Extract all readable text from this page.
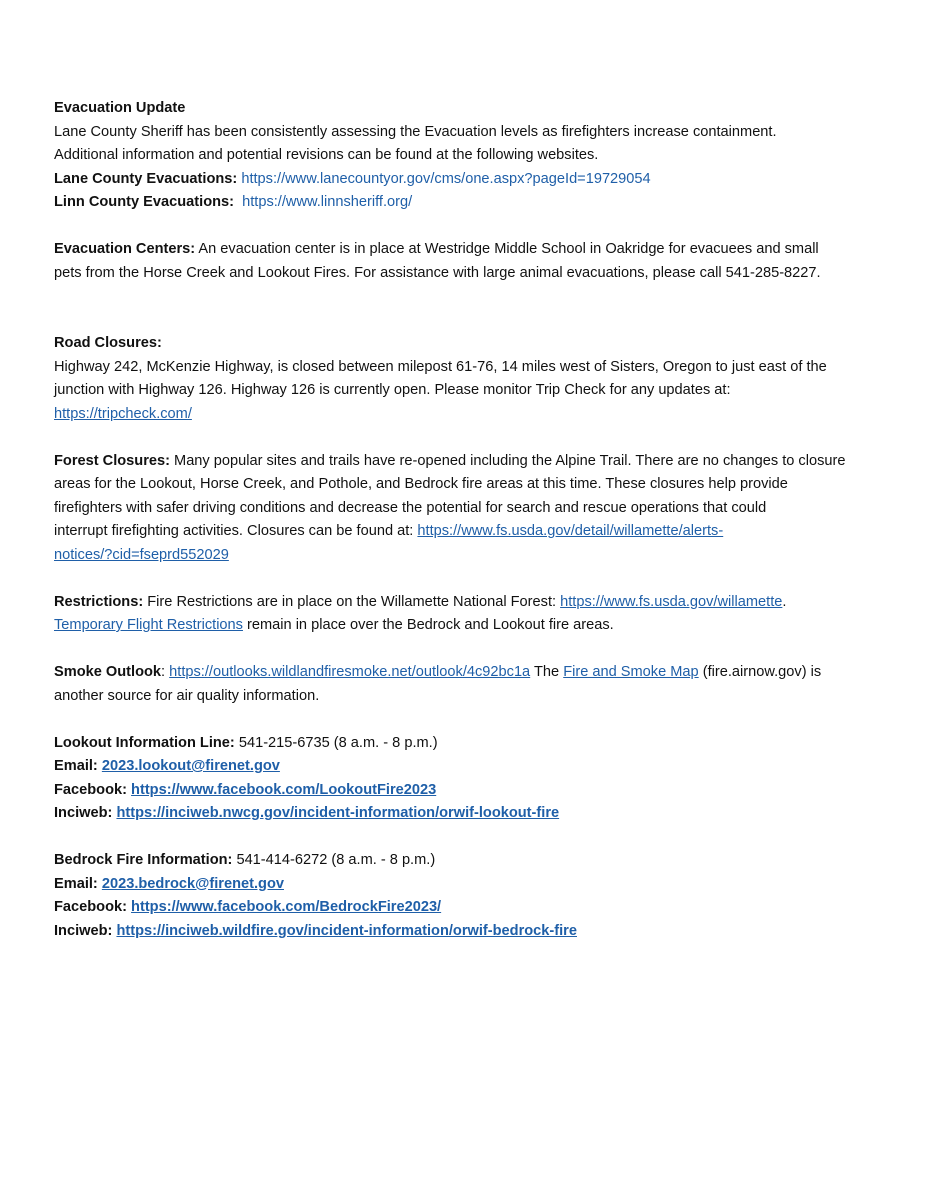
Evacuation Update
Lane County Sheriff has been consistently assessing the Evacuation levels as firefighters increase containment.
Additional information and potential revisions can be found at the following websites.
Lane County Evacuations: https://www.lanecountyor.gov/cms/one.aspx?pageId=19729054
Linn County Evacuations: https://www.linnsheriff.org/
Evacuation Centers: An evacuation center is in place at Westridge Middle School in Oakridge for evacuees and small
pets from the Horse Creek and Lookout Fires. For assistance with large animal evacuations, please call 541-285-8227.
Road Closures:
Highway 242, McKenzie Highway, is closed between milepost 61-76, 14 miles west of Sisters, Oregon to just east of the
junction with Highway 126. Highway 126 is currently open. Please monitor Trip Check for any updates at:
https://tripcheck.com/
Forest Closures: Many popular sites and trails have re-opened including the Alpine Trail. There are no changes to closure
areas for the Lookout, Horse Creek, and Pothole, and Bedrock fire areas at this time. These closures help provide
firefighters with safer driving conditions and decrease the potential for search and rescue operations that could
interrupt firefighting activities. Closures can be found at: https://www.fs.usda.gov/detail/willamette/alerts-
notices/?cid=fseprd552029
Restrictions: Fire Restrictions are in place on the Willamette National Forest: https://www.fs.usda.gov/willamette.
Temporary Flight Restrictions remain in place over the Bedrock and Lookout fire areas.
Smoke Outlook: https://outlooks.wildlandfiresmoke.net/outlook/4c92bc1a The Fire and Smoke Map (fire.airnow.gov) is
another source for air quality information.
Lookout Information Line: 541-215-6735 (8 a.m. - 8 p.m.)
Email: 2023.lookout@firenet.gov
Facebook: https://www.facebook.com/LookoutFire2023
Inciweb: https://inciweb.nwcg.gov/incident-information/orwif-lookout-fire
Bedrock Fire Information: 541-414-6272 (8 a.m. - 8 p.m.)
Email: 2023.bedrock@firenet.gov
Facebook: https://www.facebook.com/BedrockFire2023/
Inciweb: https://inciweb.wildfire.gov/incident-information/orwif-bedrock-fire
